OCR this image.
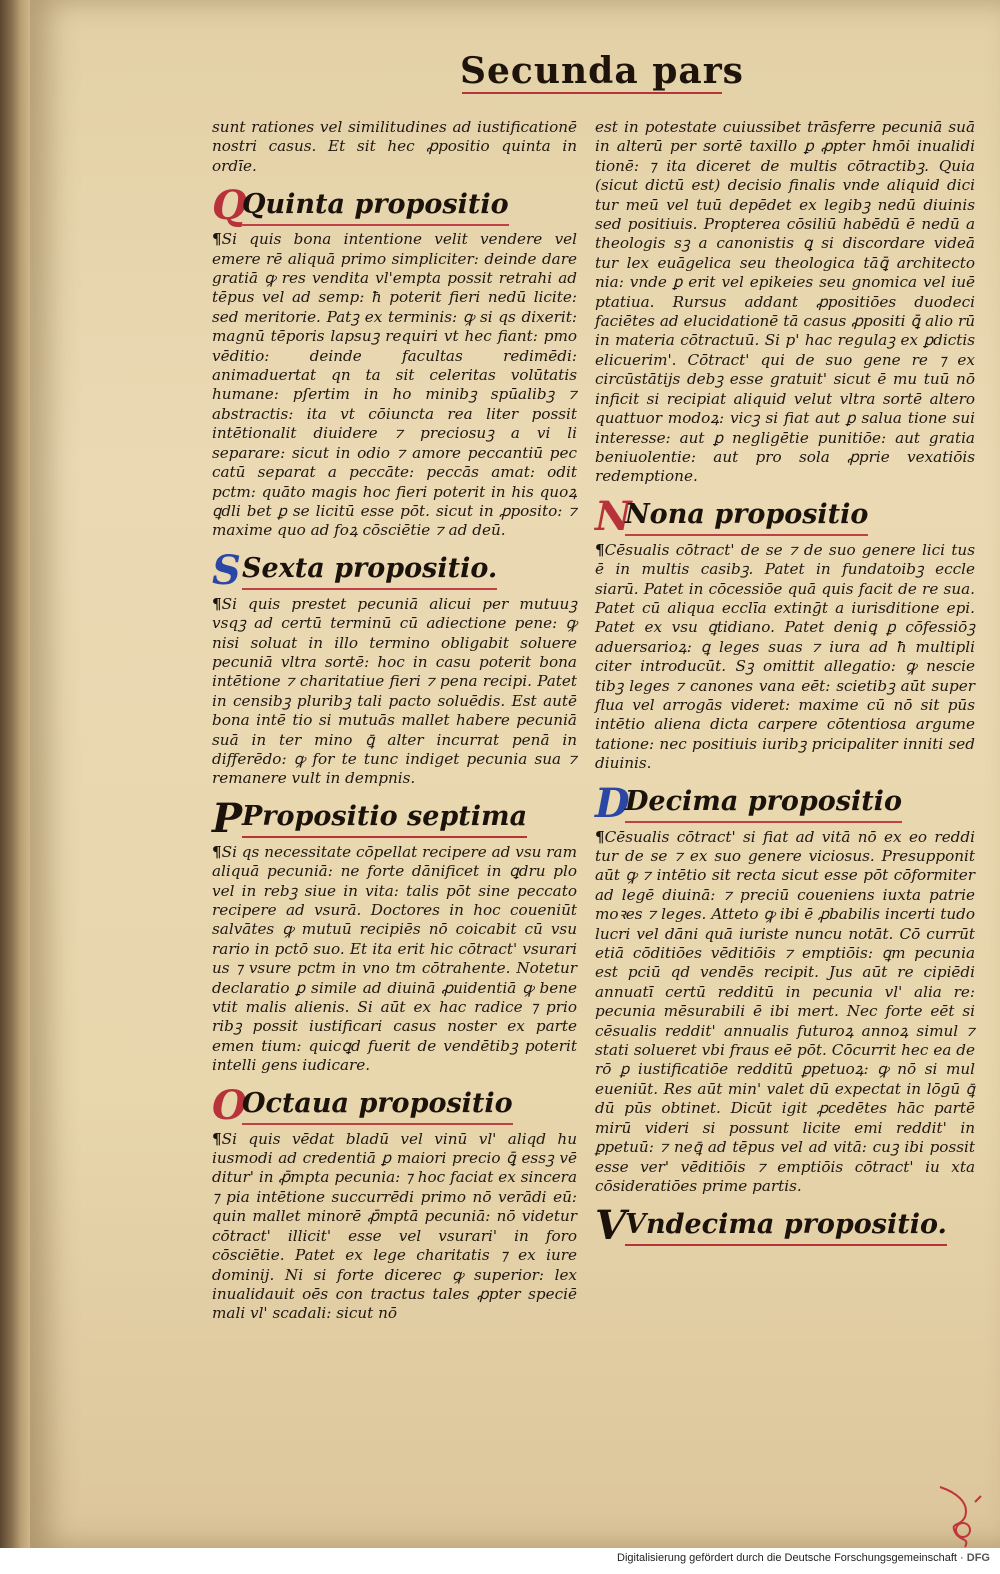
Secunda pars

sunt rationes vel similitudines ad iustificationē nostri casus. Et sit hec ꝓpositio quinta in ordīe.

Q
Quinta propositio

¶Si quis bona intentione velit vendere vel emere rē aliquā primo simpliciter: deinde dare gratiā ꝙ res vendita vl'empta possit retrahi ad tēpus vel ad semp: ħ poterit fieri nedū licite: sed meritorie. Patꝫ ex terminis: ꝙ si qs dixerit: magnū tēporis lapsuꝫ requiri vt hec fiant: pmo vēditio: deinde facultas redimēdi: animaduertat qn ta sit celeritas volūtatis humane: pſertim in ho minibꝫ spūalibꝫ ⁊ abstractis: ita vt cōiuncta rea liter possit intētionalit diuidere ⁊ preciosuꝫ a vi li separare: sicut in odio ⁊ amore peccantiū pec catū separat a peccāte: peccās amat: odit pctm: quāto magis hoc fieri poterit in his quoꝝ ꝗdli bet ꝑ se licitū esse pōt. sicut in ꝓposito: ⁊ maxime quo ad foꝝ cōsciētie ⁊ ad deū.

S Sexta propositio.

¶Si quis prestet pecuniā alicui per mutuuꝫ vsqꝫ ad certū terminū cū adiectione pene: ꝙ nisi soluat in illo termino obligabit soluere pecuniā vltra sortē: hoc in casu poterit bona intētione ⁊ charitatiue fieri ⁊ pena recipi. Patet in censibꝫ pluribꝫ tali pacto soluēdis. Est autē bona intē tio si mutuās mallet habere pecuniā suā in ter mino ꝗ̄ alter incurrat penā in differēdo: ꝙ for te tunc indiget pecunia sua ⁊ remanere vult in dempnis.

P Propositio septima

¶Si qs necessitate cōpellat recipere ad vsu ram aliquā pecuniā: ne forte dānificet in ꝗdru plo vel in rebꝫ siue in vita: talis pōt sine peccato recipere ad vsurā. Doctores in hoc coueniūt salvātes ꝙ mutuū recipiēs nō coicabit cū vsu rario in pctō suo. Et ita erit hic cōtract' vsurari us ⁊ vsure pctm in vno tm cōtrahente. Notetur declaratio ꝑ simile ad diuinā ꝓuidentiā ꝙ bene vtit malis alienis. Si aūt ex hac radice ⁊ prio ribꝫ possit iustificari casus noster ex parte emen tium: quicꝗd fuerit de vendētibꝫ poterit intelli gens iudicare.

O
Octaua propositio

¶Si quis vēdat bladū vel vinū vl' aliqd hu iusmodi ad credentiā ꝑ maiori precio ꝗ̄ essꝫ vē ditur' in ꝓ̄mpta pecunia: ⁊ hoc faciat ex sincera ⁊ pia intētione succurrēdi primo nō verādi eū: quin mallet minorē ꝓ̄mptā pecuniā: nō videtur cōtract' illicit' esse vel vsurari' in foro cōsciētie. Patet ex lege charitatis ⁊ ex iure dominij. Ni si forte dicerec ꝙ superior: lex inualidauit oēs con tractus tales ꝓpter speciē mali vl' scadali: sicut nō

est in potestate cuiussibet trāsferre pecuniā suā in alterū per sortē taxillo ꝑ ꝓpter hmōi inualidi tionē: ⁊ ita diceret de multis cōtractibꝫ. Quia (sicut dictū est) decisio finalis vnde aliquid dici tur meū vel tuū depēdet ex legibꝫ nedū diuinis sed positiuis. Propterea cōsiliū habēdū ē nedū a theologis sꝫ a canonistis ꝗ si discordare videā tur lex euāgelica seu theologica tāꝗ̄ architecto nia: vnde ꝑ erit vel epikeies seu gnomica vel iuē ptatiua. Rursus addant ꝓpositiōes duodeci faciētes ad elucidationē tā casus ꝓpositi ꝗ̄ alio rū in materia cōtractuū. Si p' hac regulaꝫ ex ꝑdictis elicuerim'. Cōtract' qui de suo gene re ⁊ ex circūstātijs debꝫ esse gratuit' sicut ē mu tuū nō inficit si recipiat aliquid velut vltra sortē altero quattuor modoꝝ: vicꝫ si fiat aut ꝑ salua tione sui interesse: aut ꝑ negligētie punitiōe: aut gratia beniuolentie: aut pro sola ꝓprie vexatiōis redemptione.

N
Nona propositio

¶Cēsualis cōtract' de se ⁊ de suo genere lici tus ē in multis casibꝫ. Patet in fundatoibꝫ eccle siarū. Patet in cōcessiōe quā quis facit de re sua. Patet cū aliqua ecclīa extinḡt a iurisditione epi. Patet ex vsu ꝗtidiano. Patet deniꝗ ꝑ cōfessiōꝫ aduersarioꝝ: ꝗ leges suas ⁊ iura ad ħ multipli citer introducūt. Sꝫ omittit allegatio: ꝙ nescie tibꝫ leges ⁊ canones vana eēt: scietibꝫ aūt super flua vel arrogās videret: maxime cū nō sit pūs intētio aliena dicta carpere cōtentiosa argume tatione: nec positiuis iuribꝫ pricipaliter inniti sed diuinis.

D
Decima propositio

¶Cēsualis cōtract' si fiat ad vitā nō ex eo reddi tur de se ⁊ ex suo genere viciosus. Presupponit aūt ꝙ ⁊ intētio sit recta sicut esse pōt cōformiter ad legē diuinā: ⁊ preciū coueniens iuxta patrie moꝛes ⁊ leges. Atteto ꝙ ibi ē ꝓbabilis incerti tudo lucri vel dāni quā iuriste nuncu notāt. Cō currūt etiā cōditiōes vēditiōis ⁊ emptiōis: ꝗm pecunia est pciū qd vendēs recipit. Jus aūt re cipiēdi annuatī certū redditū in pecunia vl' alia re: pecunia mēsurabili ē ibi mert. Nec forte eēt si cēsualis reddit' annualis futuroꝝ annoꝝ simul ⁊ stati solueret vbi fraus eē pōt. Cōcurrit hec ea de rō ꝑ iustificatiōe redditū ꝑpetuoꝝ: ꝙ nō si mul eueniūt. Res aūt min' valet dū expectat in lōgū ꝗ̄ dū pūs obtinet. Dicūt igit ꝓcedētes hāc partē mirū videri si possunt licite emi reddit' in ꝑpetuū: ⁊ neꝗ̄ ad tēpus vel ad vitā: cuꝫ ibi possit esse ver' vēditiōis ⁊ emptiōis cōtract' iu xta cōsideratiōes prime partis.

V
Vndecima propositio.
Digitalisierung gefördert durch die Deutsche Forschungsgemeinschaft · DFG
